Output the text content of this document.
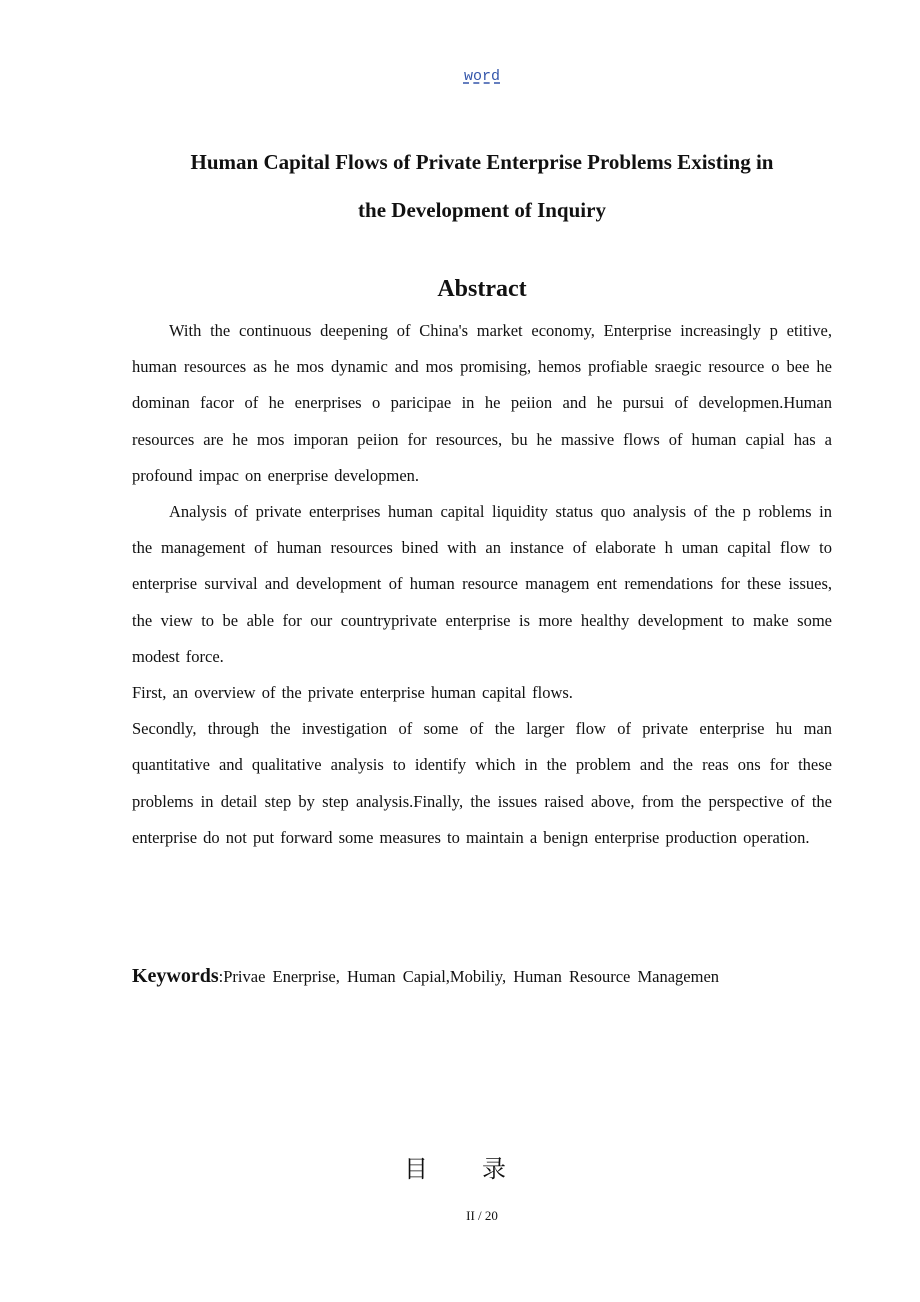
word
Human Capital Flows of Private Enterprise Problems Existing in
the Development of Inquiry
Abstract

With the continuous deepening of China's market economy, Enterprise increasingly p etitive, human resources as he mos dynamic and mos promising, hemos profiable sraegic resource o bee he dominan facor of he enerprises o paricipae in he peiion and he pursui of developmen.Human resources are he mos imporan peiion for resources, bu he massive flows of human capial has a profound impac on enerprise developmen.

Analysis of private enterprises human capital liquidity status quo analysis of the p roblems in the management of human resources bined with an instance of elaborate h uman capital flow to enterprise survival and development of human resource managem ent remendations for these issues, the view to be able for our countryprivate enterprise is more healthy development to make some modest force.

First, an overview of the private enterprise human capital flows.

Secondly, through the investigation of some of the larger flow of private enterprise hu man quantitative and qualitative analysis to identify which in the problem and the reas ons for these problems in detail step by step analysis.Finally, the issues raised above, from the perspective of the enterprise do not put forward some measures to maintain a benign enterprise production operation.

Keywords:Privae Enerprise, Human Capial,Mobiliy, Human Resource Managemen
目录
II / 20
